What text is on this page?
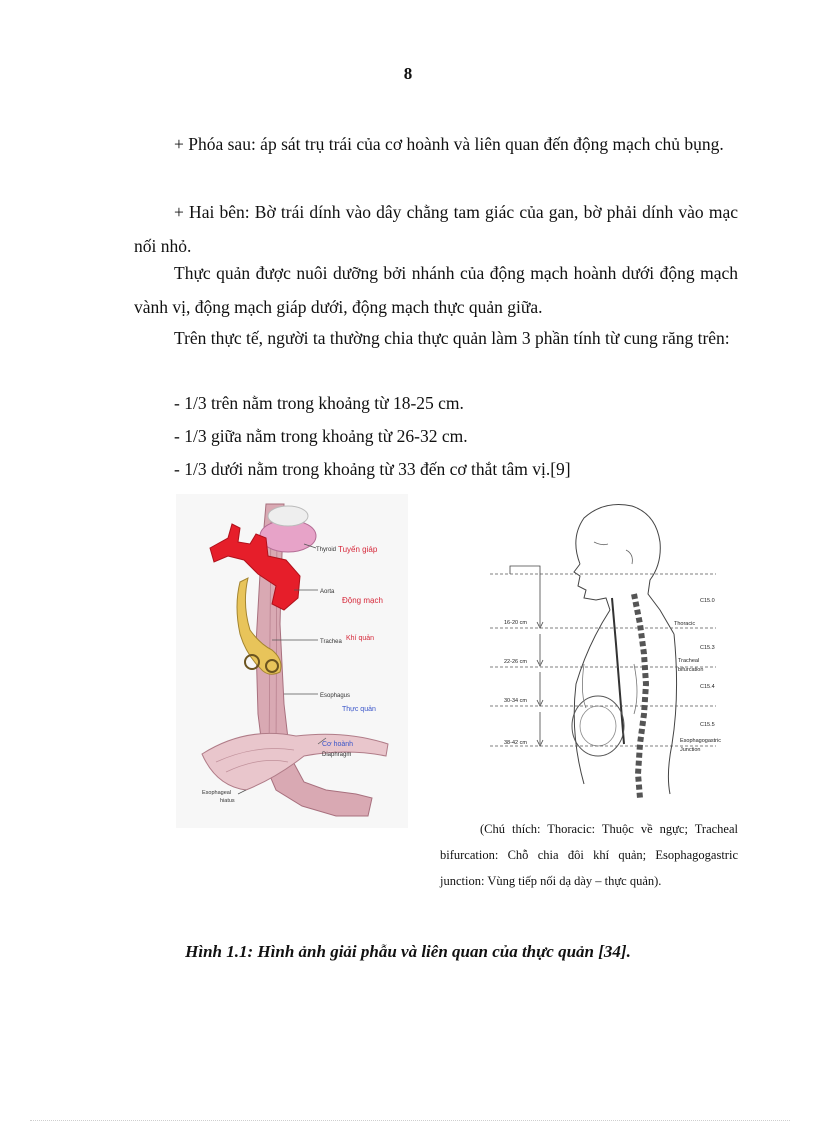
8

+ Phóa sau: áp sát trụ trái của cơ hoành và liên quan đến động mạch chủ bụng.

+ Hai bên: Bờ trái dính vào dây chằng tam giác của gan, bờ phải dính vào mạc nối nhỏ.

Thực quản được nuôi dưỡng bởi nhánh của động mạch hoành dưới động mạch vành vị, động mạch giáp dưới, động mạch thực quản giữa.

Trên thực tế, người ta thường chia thực quản làm 3 phần tính từ cung răng trên:

- 1/3 trên nằm trong khoảng từ 18-25 cm.

- 1/3 giữa nằm trong khoảng từ 26-32 cm.

- 1/3 dưới nằm trong khoảng từ 33 đến cơ thắt tâm vị.[9]

Thyroid Tuyến giáp
Aorta
Động mạch
Trachea Khí quản
Esophagus
Thực quản
Cơ hoành
Diaphragm
Esophageal
hiatus
16-20 cm
22-26 cm
30-34 cm
38-42 cm
C15.0
C15.3
C15.4
C15.5
Thoracic
Tracheal
bifurcation
Esophagogastric
Junction

(Chú thích: Thoracic: Thuộc về ngực; Tracheal bifurcation: Chỗ chia đôi khí quản; Esophagogastric junction: Vùng tiếp nối dạ dày – thực quản).

Hình 1.1: Hình ảnh giải phẫu và liên quan của thực quản [34].
